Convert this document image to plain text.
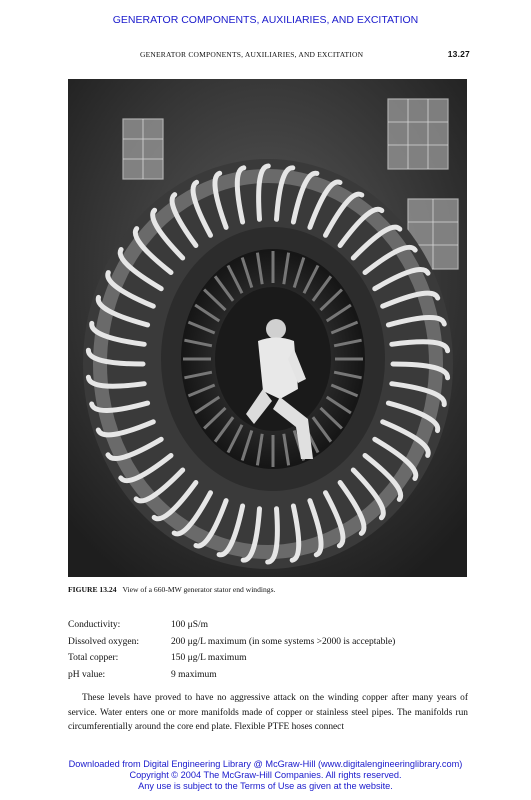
GENERATOR COMPONENTS, AUXILIARIES, AND EXCITATION
GENERATOR COMPONENTS, AUXILIARIES, AND EXCITATION	13.27
FIGURE 13.24 View of a 660-MW generator stator end windings.
Conductivity:	100 μS/m
Dissolved oxygen:	200 μg/L maximum (in some systems >2000 is acceptable)
Total copper:	150 μg/L maximum
pH value:	9 maximum
These levels have proved to have no aggressive attack on the winding copper after many years of service. Water enters one or more manifolds made of copper or stainless steel pipes. The manifolds run circumferentially around the core end plate. Flexible PTFE hoses connect
Downloaded from Digital Engineering Library @ McGraw-Hill (www.digitalengineeringlibrary.com)
Copyright © 2004 The McGraw-Hill Companies. All rights reserved.
Any use is subject to the Terms of Use as given at the website.
